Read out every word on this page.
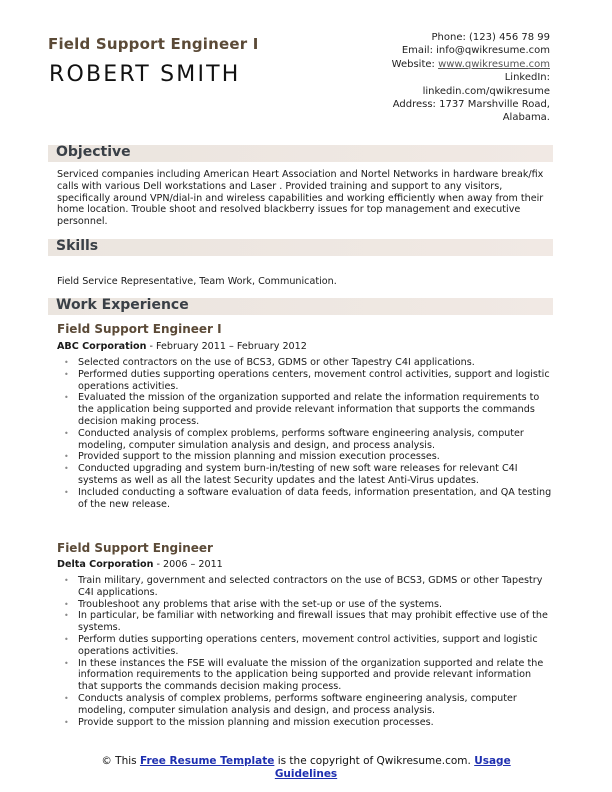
Field Support Engineer I
ROBERT SMITH
Phone: (123) 456 78 99
Email: info@qwikresume.com
Website: www.qwikresume.com
LinkedIn:
linkedin.com/qwikresume
Address: 1737 Marshville Road,
Alabama.
Objective
Serviced companies including American Heart Association and Nortel Networks in hardware break/fix calls with various Dell workstations and Laser . Provided training and support to any visitors, specifically around VPN/dial-in and wireless capabilities and working efficiently when away from their home location. Trouble shoot and resolved blackberry issues for top management and executive personnel.
Skills
Field Service Representative, Team Work, Communication.
Work Experience
Field Support Engineer I
ABC Corporation - February 2011 – February 2012
• Selected contractors on the use of BCS3, GDMS or other Tapestry C4I applications.
• Performed duties supporting operations centers, movement control activities, support and logistic operations activities.
• Evaluated the mission of the organization supported and relate the information requirements to the application being supported and provide relevant information that supports the commands decision making process.
• Conducted analysis of complex problems, performs software engineering analysis, computer modeling, computer simulation analysis and design, and process analysis.
• Provided support to the mission planning and mission execution processes.
• Conducted upgrading and system burn-in/testing of new soft ware releases for relevant C4I systems as well as all the latest Security updates and the latest Anti-Virus updates.
• Included conducting a software evaluation of data feeds, information presentation, and QA testing of the new release.
Field Support Engineer
Delta Corporation - 2006 – 2011
• Train military, government and selected contractors on the use of BCS3, GDMS or other Tapestry C4I applications.
• Troubleshoot any problems that arise with the set-up or use of the systems.
• In particular, be familiar with networking and firewall issues that may prohibit effective use of the systems.
• Perform duties supporting operations centers, movement control activities, support and logistic operations activities.
• In these instances the FSE will evaluate the mission of the organization supported and relate the information requirements to the application being supported and provide relevant information that supports the commands decision making process.
• Conducts analysis of complex problems, performs software engineering analysis, computer modeling, computer simulation analysis and design, and process analysis.
• Provide support to the mission planning and mission execution processes.
© This Free Resume Template is the copyright of Qwikresume.com. Usage Guidelines
